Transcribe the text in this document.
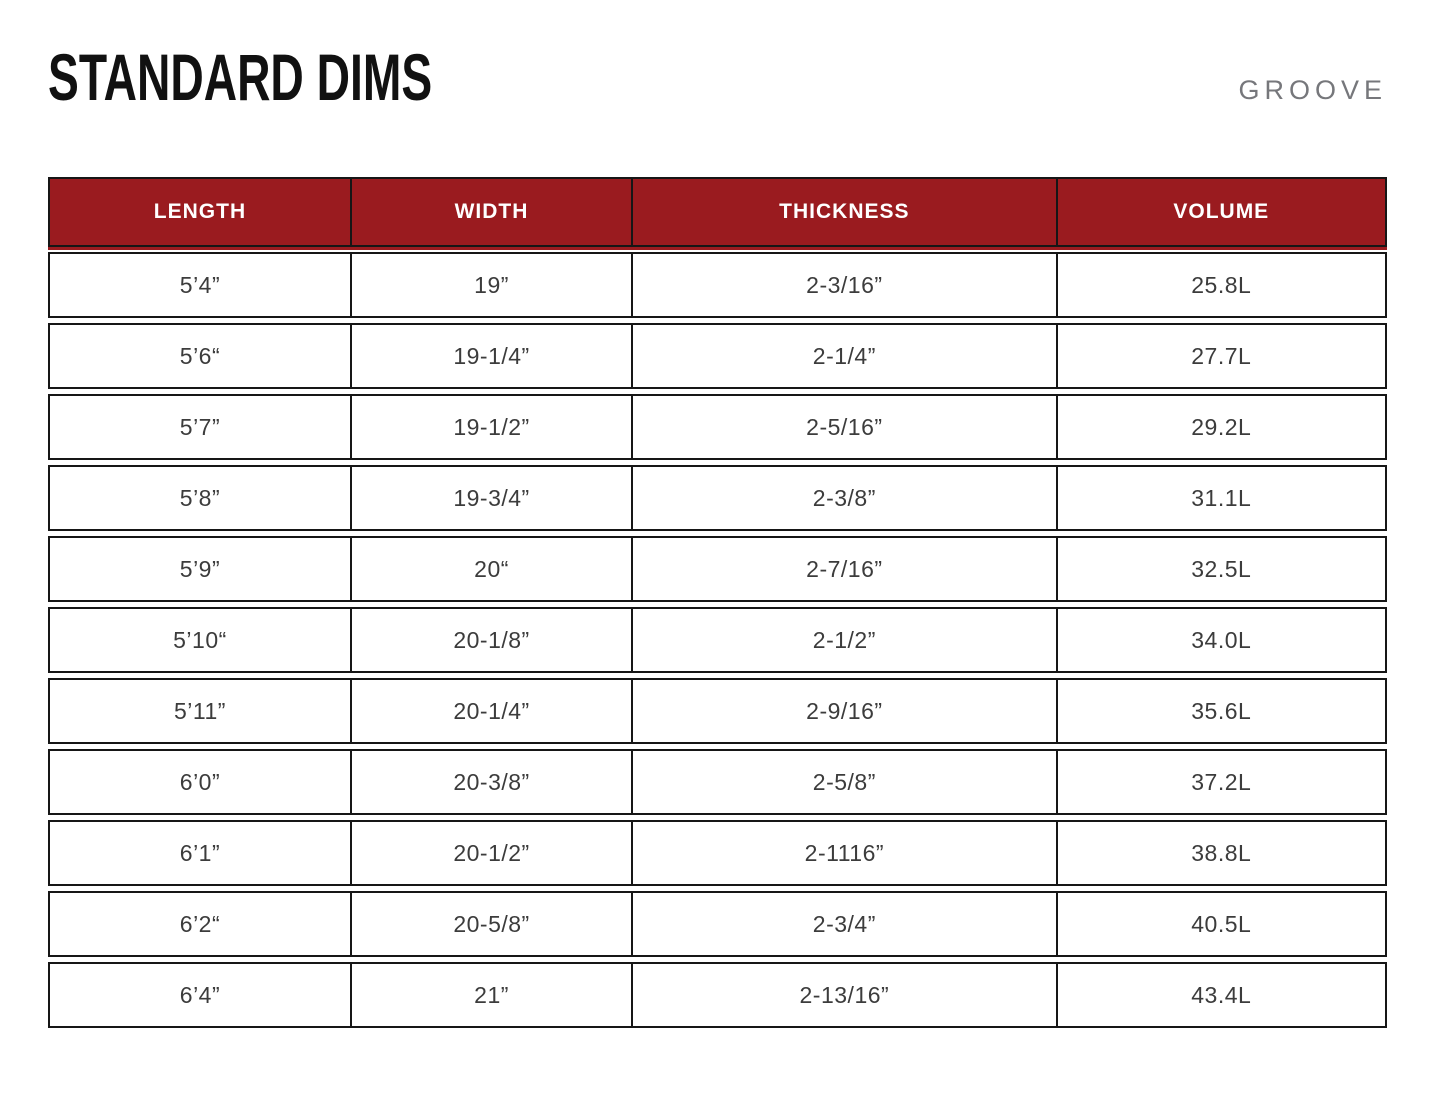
STANDARD DIMS	GROOVE
LENGTH	WIDTH	THICKNESS	VOLUME
5’4”	19”	2-3/16”	25.8L
5’6“	19-1/4”	2-1/4”	27.7L
5’7”	19-1/2”	2-5/16”	29.2L
5’8”	19-3/4”	2-3/8”	31.1L
5’9”	20“	2-7/16”	32.5L
5’10“	20-1/8”	2-1/2”	34.0L
5’11”	20-1/4”	2-9/16”	35.6L
6’0”	20-3/8”	2-5/8”	37.2L
6’1”	20-1/2”	2-1116”	38.8L
6’2“	20-5/8”	2-3/4”	40.5L
6’4”	21”	2-13/16”	43.4L
